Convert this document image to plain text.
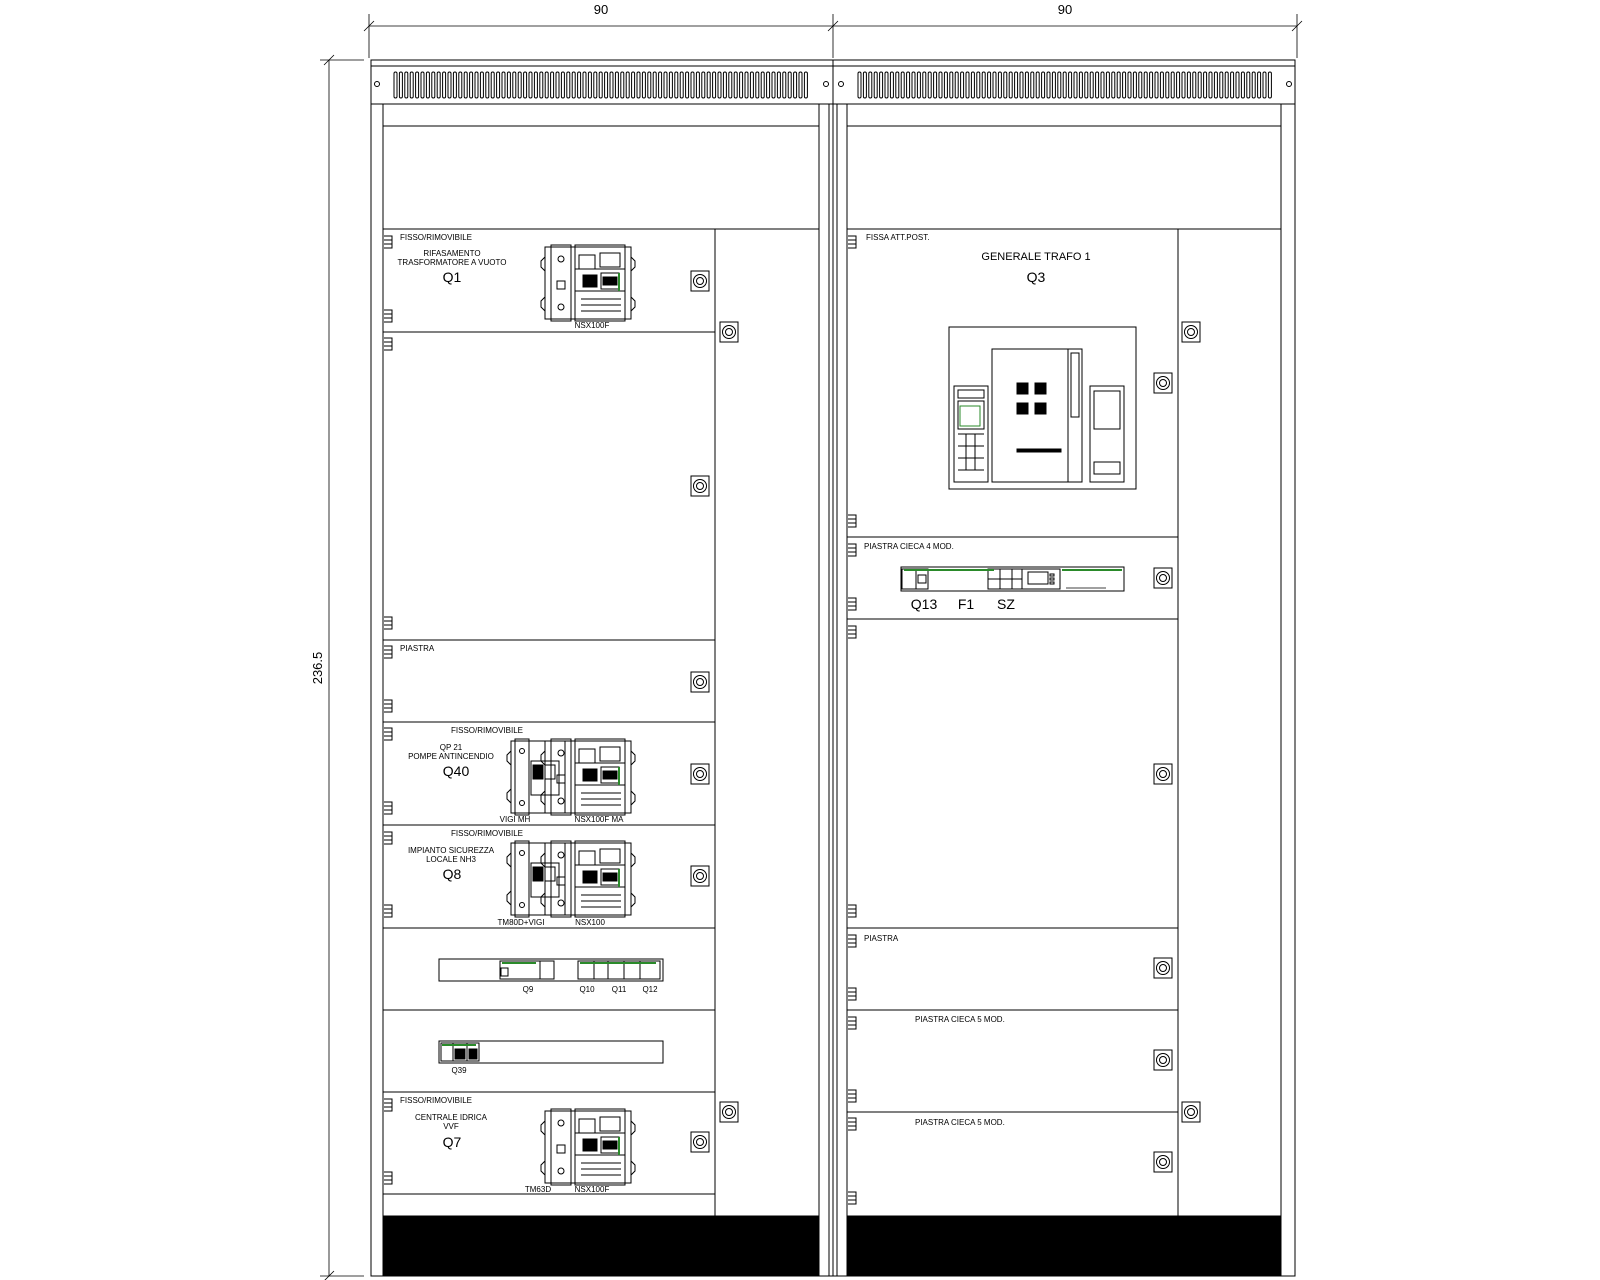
90	90
236.5
FISSO/RIMOVIBILE
RIFASAMENTO
TRASFORMATORE A VUOTO
Q1
NSX100F
PIASTRA
FISSO/RIMOVIBILE
QP 21
POMPE ANTINCENDIO
Q40
VIGI MH	NSX100F MA
FISSO/RIMOVIBILE
IMPIANTO SICUREZZA
LOCALE NH3
Q8
TM80D+VIGI	NSX100
Q9	Q10 Q11 Q12
Q39
FISSO/RIMOVIBILE
CENTRALE IDRICA
VVF
Q7
TM63D	NSX100F
FISSA ATT.POST.
GENERALE TRAFO 1
Q3
PIASTRA CIECA 4 MOD.
Q13 F1 SZ
PIASTRA
PIASTRA CIECA 5 MOD.
PIASTRA CIECA 5 MOD.
